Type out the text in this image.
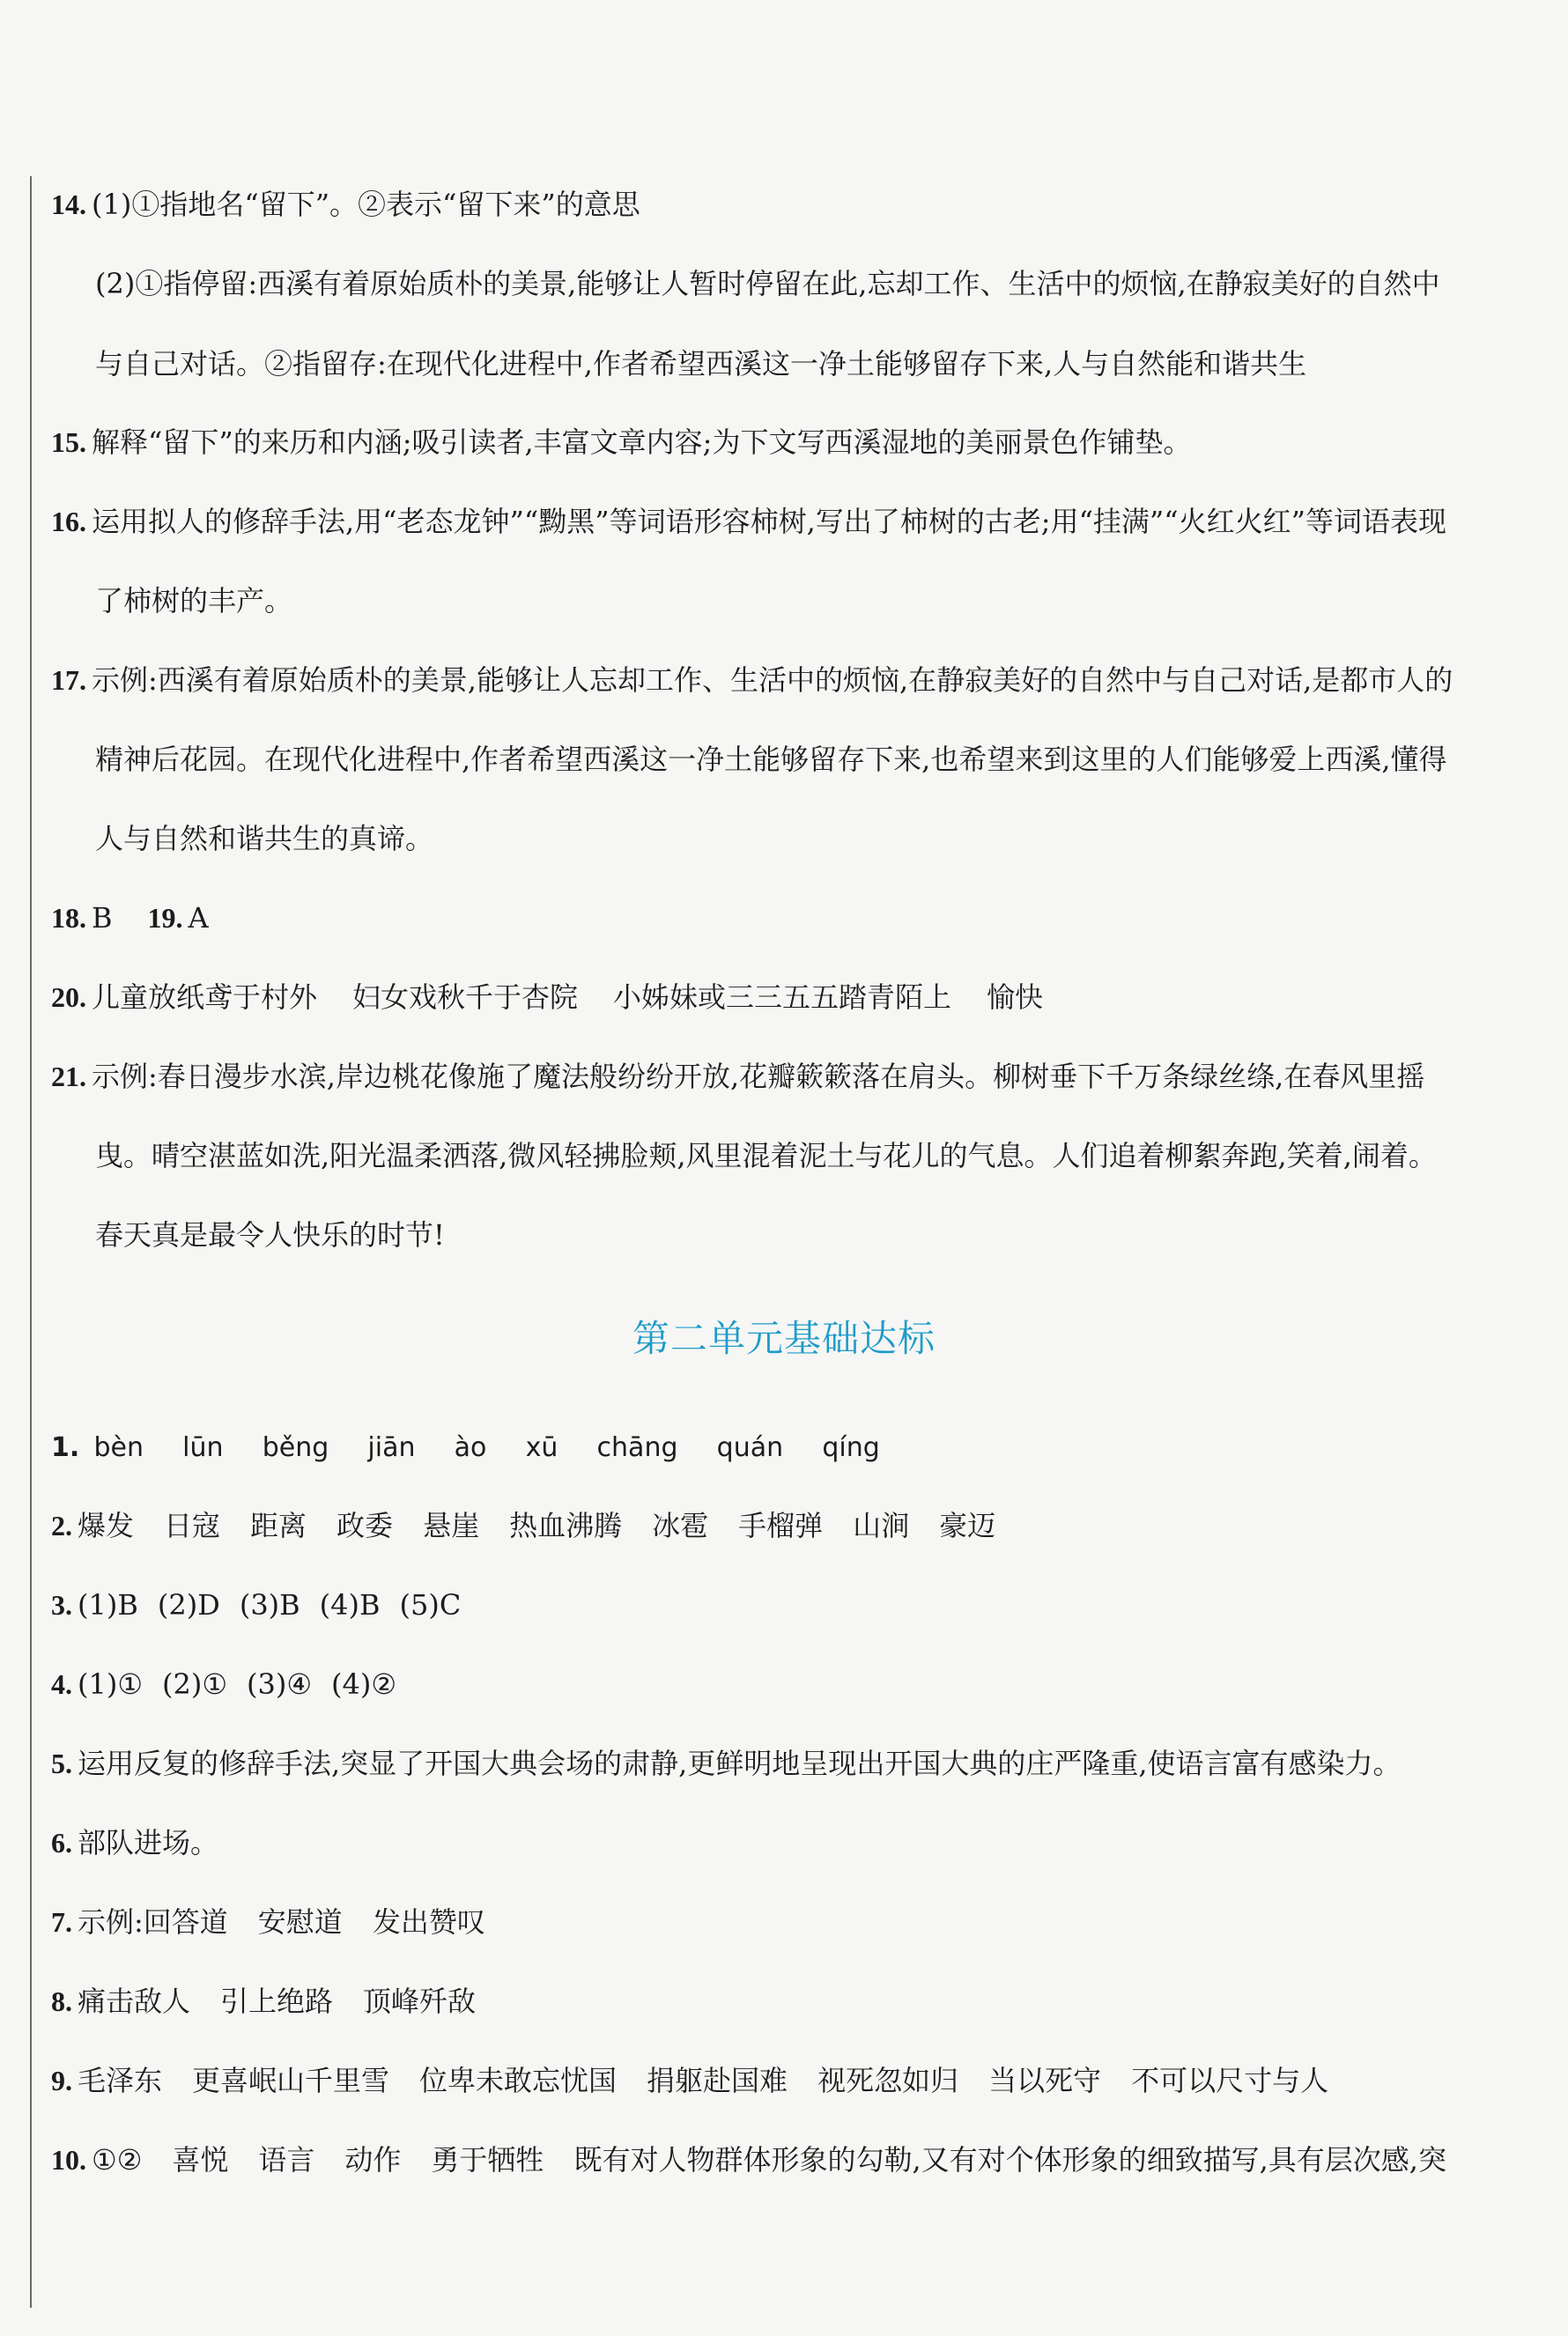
14. (1)①指地名“留下”。②表示“留下来”的意思
(2)①指停留:西溪有着原始质朴的美景,能够让人暂时停留在此,忘却工作、生活中的烦恼,在静寂美好的自然中
与自己对话。②指留存:在现代化进程中,作者希望西溪这一净土能够留存下来,人与自然能和谐共生
15. 解释“留下”的来历和内涵;吸引读者,丰富文章内容;为下文写西溪湿地的美丽景色作铺垫。
16. 运用拟人的修辞手法,用“老态龙钟”“黝黑”等词语形容柿树,写出了柿树的古老;用“挂满”“火红火红”等词语表现
了柿树的丰产。
17. 示例:西溪有着原始质朴的美景,能够让人忘却工作、生活中的烦恼,在静寂美好的自然中与自己对话,是都市人的
精神后花园。在现代化进程中,作者希望西溪这一净土能够留存下来,也希望来到这里的人们能够爱上西溪,懂得
人与自然和谐共生的真谛。
18. B 19. A
20. 儿童放纸鸢于村外 妇女戏秋千于杏院 小姊妹或三三五五踏青陌上 愉快
21. 示例:春日漫步水滨,岸边桃花像施了魔法般纷纷开放,花瓣簌簌落在肩头。柳树垂下千万条绿丝绦,在春风里摇
曳。晴空湛蓝如洗,阳光温柔洒落,微风轻拂脸颊,风里混着泥土与花儿的气息。人们追着柳絮奔跑,笑着,闹着。
春天真是最令人快乐的时节!
第二单元基础达标
1. bèn lūn běng jiān ào xū chāng quán qíng
2. 爆发 日寇 距离 政委 悬崖 热血沸腾 冰雹 手榴弹 山涧 豪迈
3. (1)B (2)D (3)B (4)B (5)C
4. (1)① (2)① (3)④ (4)②
5. 运用反复的修辞手法,突显了开国大典会场的肃静,更鲜明地呈现出开国大典的庄严隆重,使语言富有感染力。
6. 部队进场。
7. 示例:回答道 安慰道 发出赞叹
8. 痛击敌人 引上绝路 顶峰歼敌
9. 毛泽东 更喜岷山千里雪 位卑未敢忘忧国 捐躯赴国难 视死忽如归 当以死守 不可以尺寸与人
10. ①② 喜悦 语言 动作 勇于牺牲 既有对人物群体形象的勾勒,又有对个体形象的细致描写,具有层次感,突
